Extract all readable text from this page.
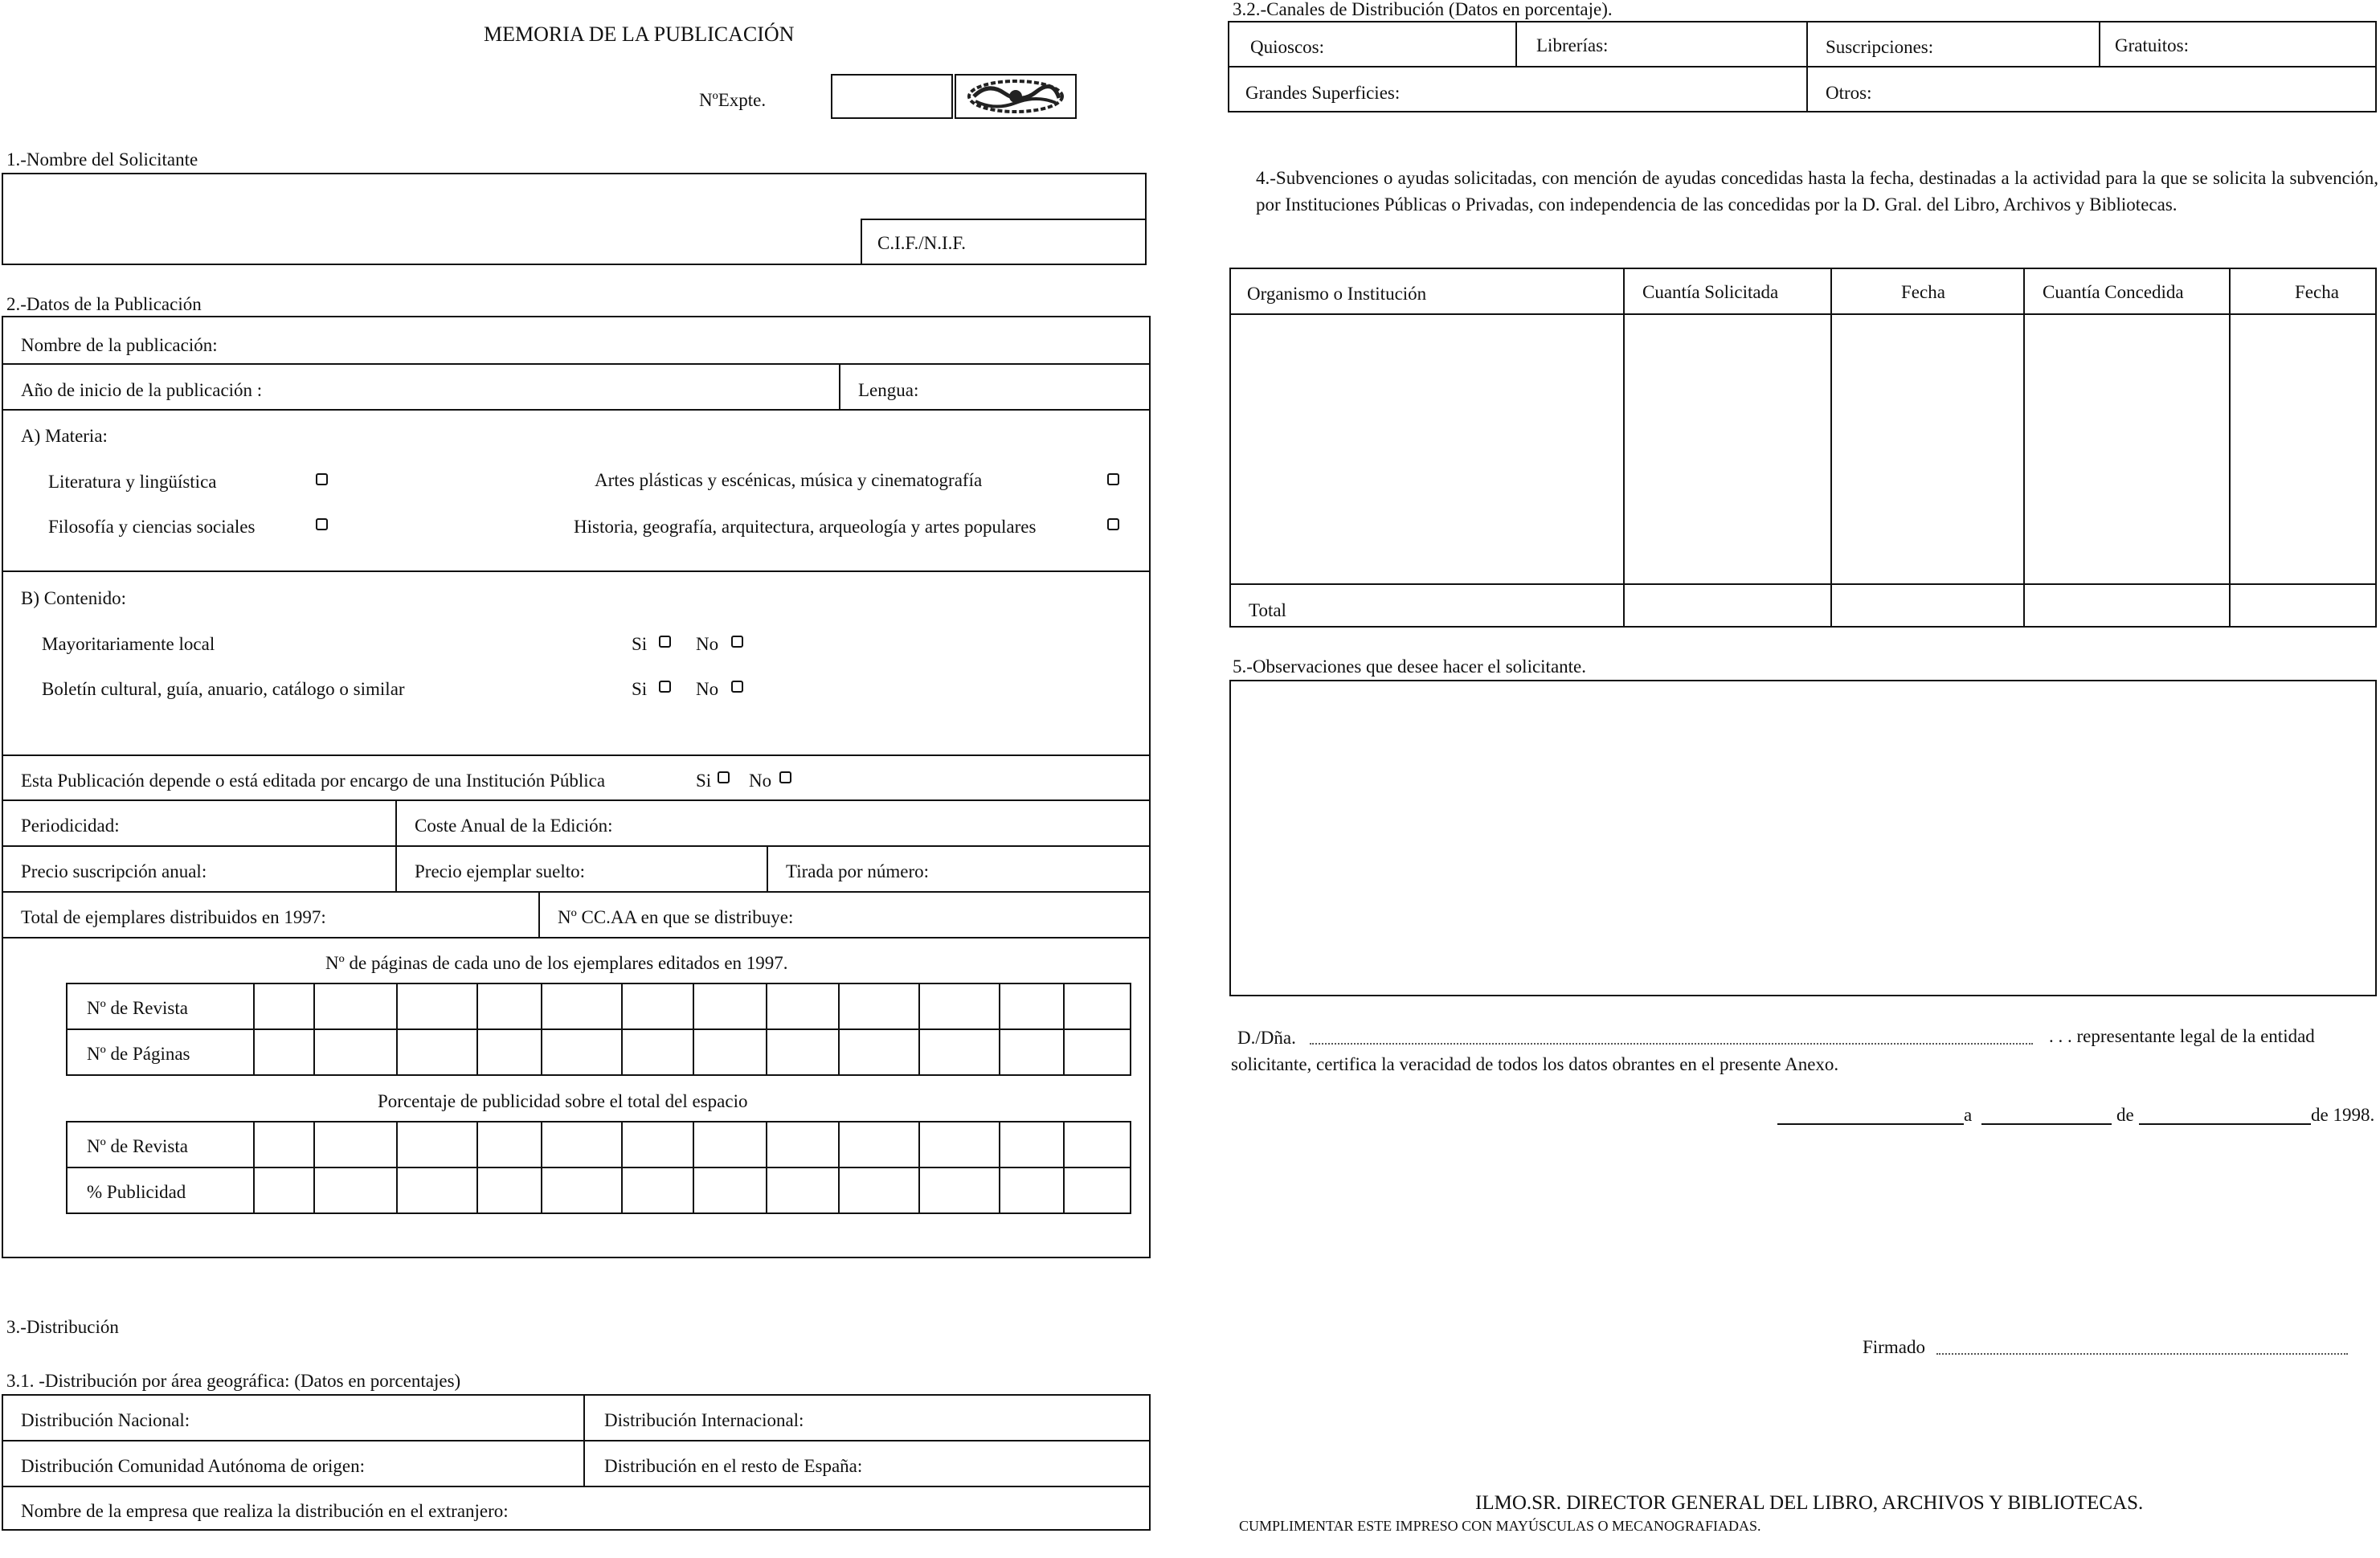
MEMORIA DE LA PUBLICACIÓN
NºExpte.
1.-Nombre del Solicitante
C.I.F./N.I.F.
2.-Datos de la Publicación
Nombre de la publicación:
Año de inicio de la publicación :	Lengua:
A) Materia:
Literatura y lingüística	Artes plásticas y escénicas, música y cinematografía
Filosofía y ciencias sociales	Historia, geografía, arquitectura, arqueología y artes populares
B) Contenido:
Mayoritariamente local	Si	No
Boletín cultural, guía, anuario, catálogo o similar	Si	No
Esta Publicación depende o está editada por encargo de una Institución Pública	Si No
Periodicidad:	Coste Anual de la Edición:
Precio suscripción anual:	Precio ejemplar suelto:	Tirada por número:
Total de ejemplares distribuidos en 1997:	Nº CC.AA en que se distribuye:
Nº de páginas de cada uno de los ejemplares editados en 1997.
Nº de Revista
Nº de Páginas
Porcentaje de publicidad sobre el total del espacio
Nº de Revista
% Publicidad
3.-Distribución
3.1. -Distribución por área geográfica: (Datos en porcentajes)
Distribución Nacional:	Distribución Internacional:
Distribución Comunidad Autónoma de origen:	Distribución en el resto de España:
Nombre de la empresa que realiza la distribución en el extranjero:
3.2.-Canales de Distribución (Datos en porcentaje).
Quioscos:	Librerías:	Suscripciones:	Gratuitos:
Grandes Superficies:	Otros:
4.-Subvenciones o ayudas solicitadas, con mención de ayudas concedidas hasta la fecha, destinadas a la actividad para la que se solicita la subvención, por Instituciones Públicas o Privadas, con independencia de las concedidas por la D. Gral. del Libro, Archivos y Bibliotecas.
Organismo o Institución	Cuantía Solicitada	Fecha	Cuantía Concedida	Fecha
Total
5.-Observaciones que desee hacer el solicitante.
D./Dña.	. . . representante legal de la entidad
solicitante, certifica la veracidad de todos los datos obrantes en el presente Anexo.
a	de	de 1998.
Firmado
ILMO.SR. DIRECTOR GENERAL DEL LIBRO, ARCHIVOS Y BIBLIOTECAS.
CUMPLIMENTAR ESTE IMPRESO CON MAYÚSCULAS O MECANOGRAFIADAS.
